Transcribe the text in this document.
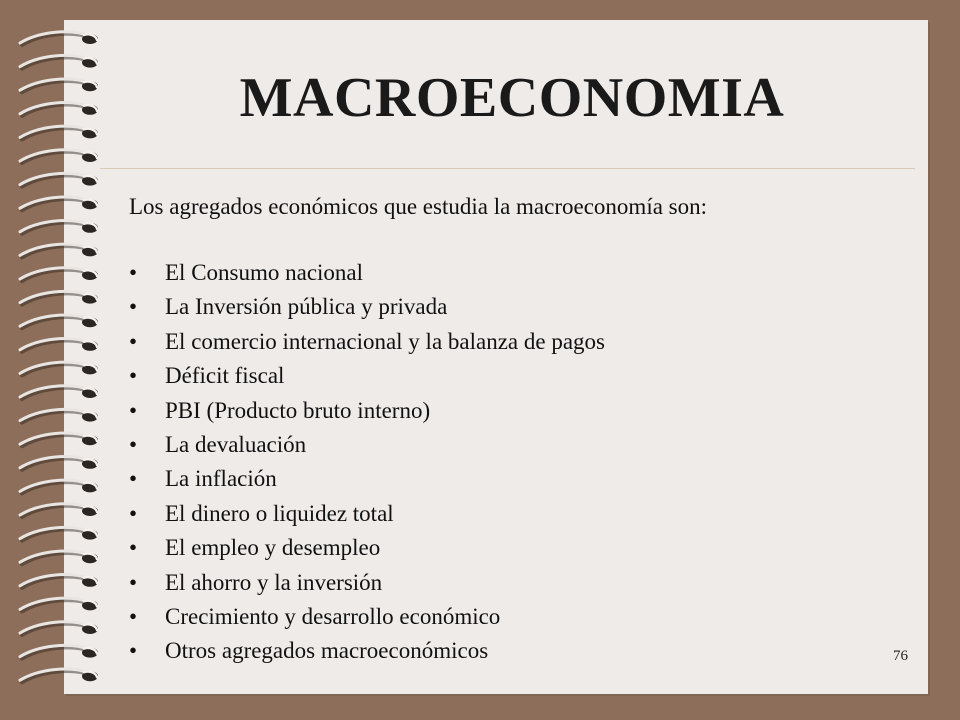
MACROECONOMIA

Los agregados económicos que estudia la macroeconomía son:

• El Consumo nacional
• La Inversión pública y privada
• El comercio internacional y la balanza de pagos
• Déficit fiscal
• PBI (Producto bruto interno)
• La devaluación
• La inflación
• El dinero o liquidez total
• El empleo y desempleo
• El ahorro y la inversión
• Crecimiento y desarrollo económico
• Otros agregados macroeconómicos	76
